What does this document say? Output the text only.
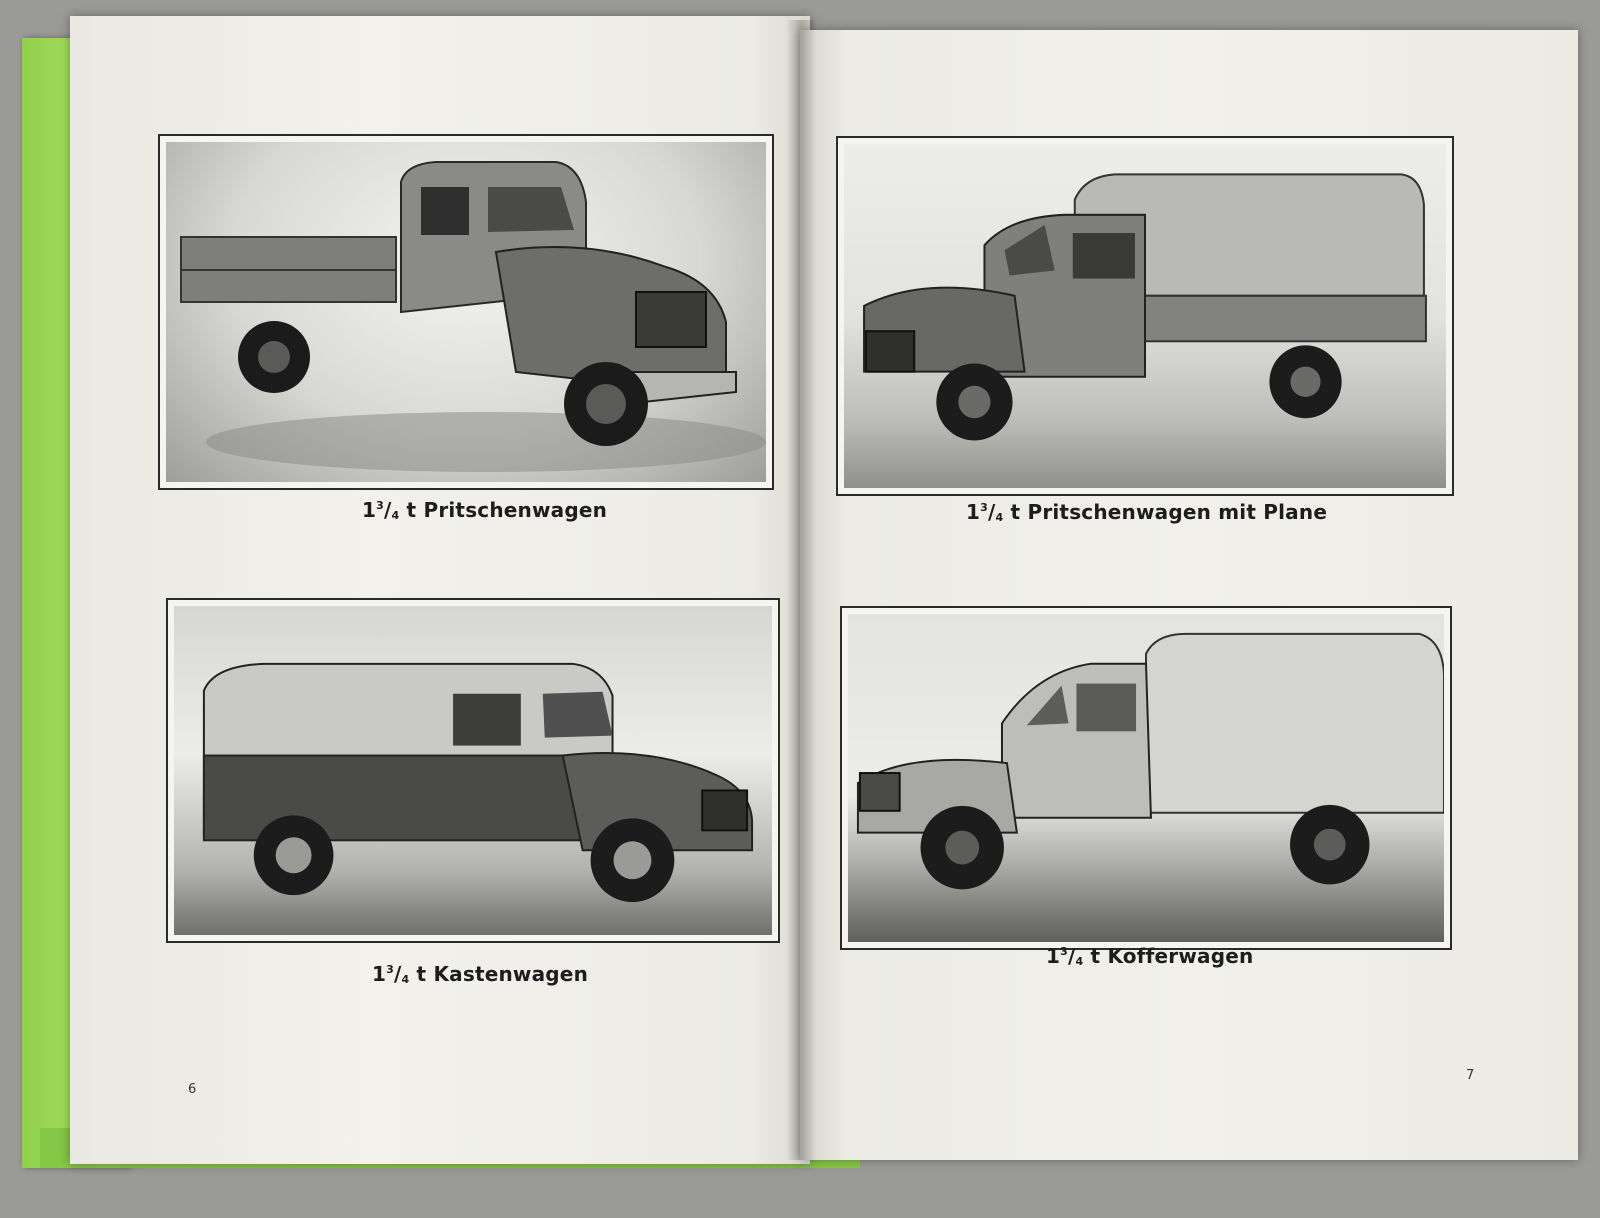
$1^3/_4$ t Pritschenwagen
$1^3/_4$ t Kastenwagen
6
$1^3/_4$ t Pritschenwagen mit Plane
$1^3/_4$ t Kofferwagen
7
